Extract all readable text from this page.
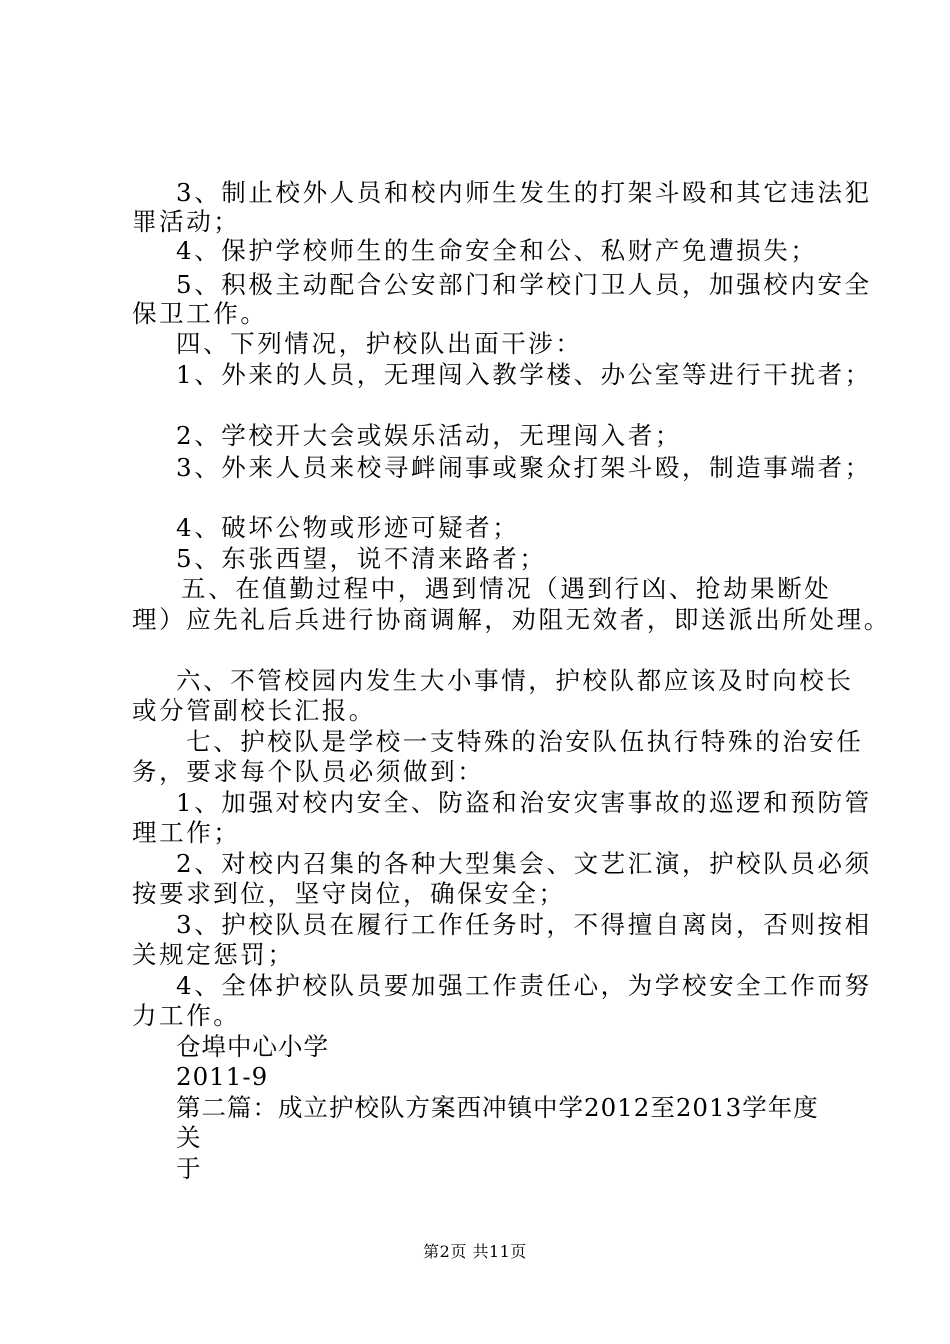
3、制止校外人员和校内师生发生的打架斗殴和其它违法犯
罪活动；
4、保护学校师生的生命安全和公、私财产免遭损失；
5、积极主动配合公安部门和学校门卫人员，加强校内安全
保卫工作。
四、下列情况，护校队出面干涉：
1、外来的人员，无理闯入教学楼、办公室等进行干扰者；
2、学校开大会或娱乐活动，无理闯入者；
3、外来人员来校寻衅闹事或聚众打架斗殴，制造事端者；
4、破坏公物或形迹可疑者；
5、东张西望，说不清来路者；
五、在值勤过程中，遇到情况（遇到行凶、抢劫果断处
理）应先礼后兵进行协商调解，劝阻无效者，即送派出所处理。
六、不管校园内发生大小事情，护校队都应该及时向校长
或分管副校长汇报。
七、护校队是学校一支特殊的治安队伍执行特殊的治安任
务，要求每个队员必须做到：
1、加强对校内安全、防盗和治安灾害事故的巡逻和预防管
理工作；
2、对校内召集的各种大型集会、文艺汇演，护校队员必须
按要求到位，坚守岗位，确保安全；
3、护校队员在履行工作任务时，不得擅自离岗，否则按相
关规定惩罚；
4、全体护校队员要加强工作责任心，为学校安全工作而努
力工作。
仓埠中心小学
2011-9
第二篇：成立护校队方案西冲镇中学2012至2013学年度
关
于
第2页 共11页
